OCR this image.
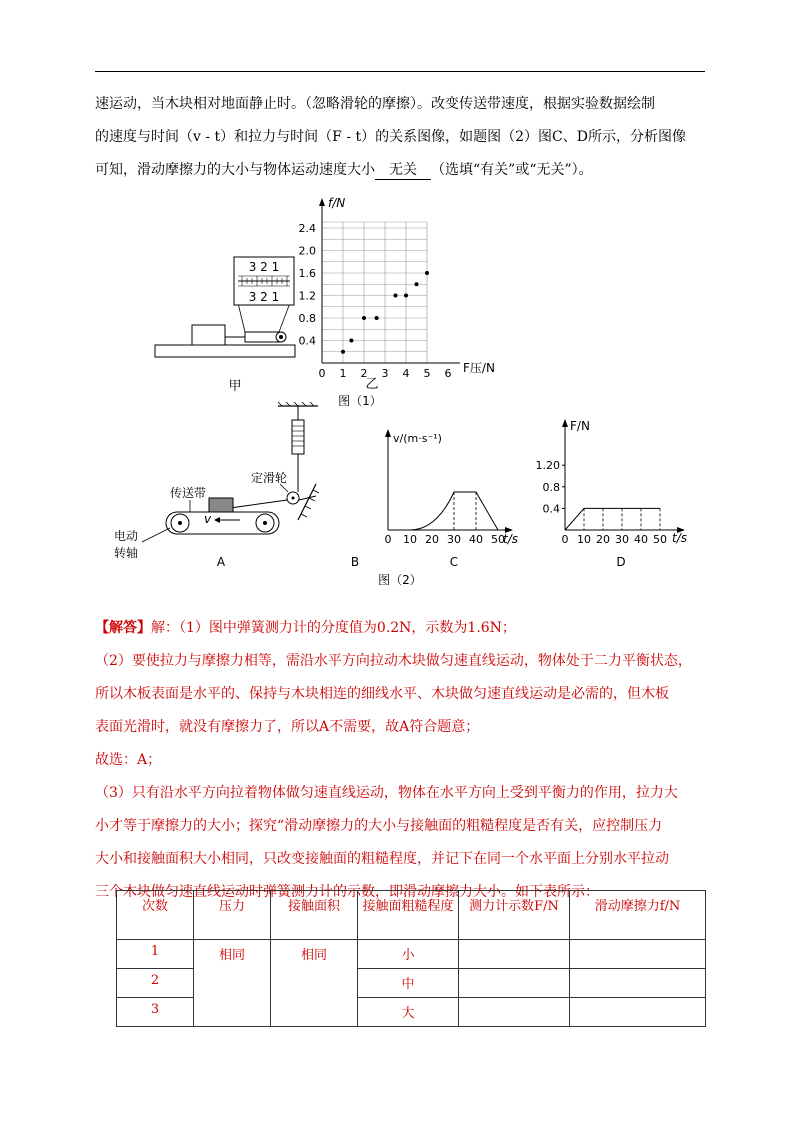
速运动，当木块相对地面静止时。（忽略滑轮的摩擦）。改变传送带速度，根据实验数据绘制
的速度与时间（v - t）和拉力与时间（F - t）的关系图像，如题图（2）图C、D所示，分析图像
可知，滑动摩擦力的大小与物体运动速度大小 无关 （选填“有关”或“无关”）。
3 2 1
3 2 1
2.4
2.0
1.6
1.2
0.8
0.4
0 1 2 3 4 5 6
f/N
F压/N
甲	乙
图（1）
v
传送带
定滑轮
电动
转轴
0 10 20 30 40 50
v/(m·s⁻¹)
t/s
1.20
0.8
0.4
0 10 20 30 40 50
F/N
t/s
A	B	C	D
图（2）
【解答】解：（1）图中弹簧测力计的分度值为0.2N，示数为1.6N；
（2）要使拉力与摩擦力相等，需沿水平方向拉动木块做匀速直线运动，物体处于二力平衡状态，
所以木板表面是水平的、保持与木块相连的细线水平、木块做匀速直线运动是必需的，但木板
表面光滑时，就没有摩擦力了，所以A不需要，故A符合题意；
故选：A；
（3）只有沿水平方向拉着物体做匀速直线运动，物体在水平方向上受到平衡力的作用，拉力大
小才等于摩擦力的大小；探究“滑动摩擦力的大小与接触面的粗糙程度是否有关，应控制压力
大小和接触面积大小相同，只改变接触面的粗糙程度，并记下在同一个水平面上分别水平拉动
三个木块做匀速直线运动时弹簧测力计的示数，即滑动摩擦力大小。如下表所示：
次数	压力	接触面积	接触面粗糙程度	测力计示数F/N	滑动摩擦力f/N
1	相同	相同	小		
2			中		
3			大		
